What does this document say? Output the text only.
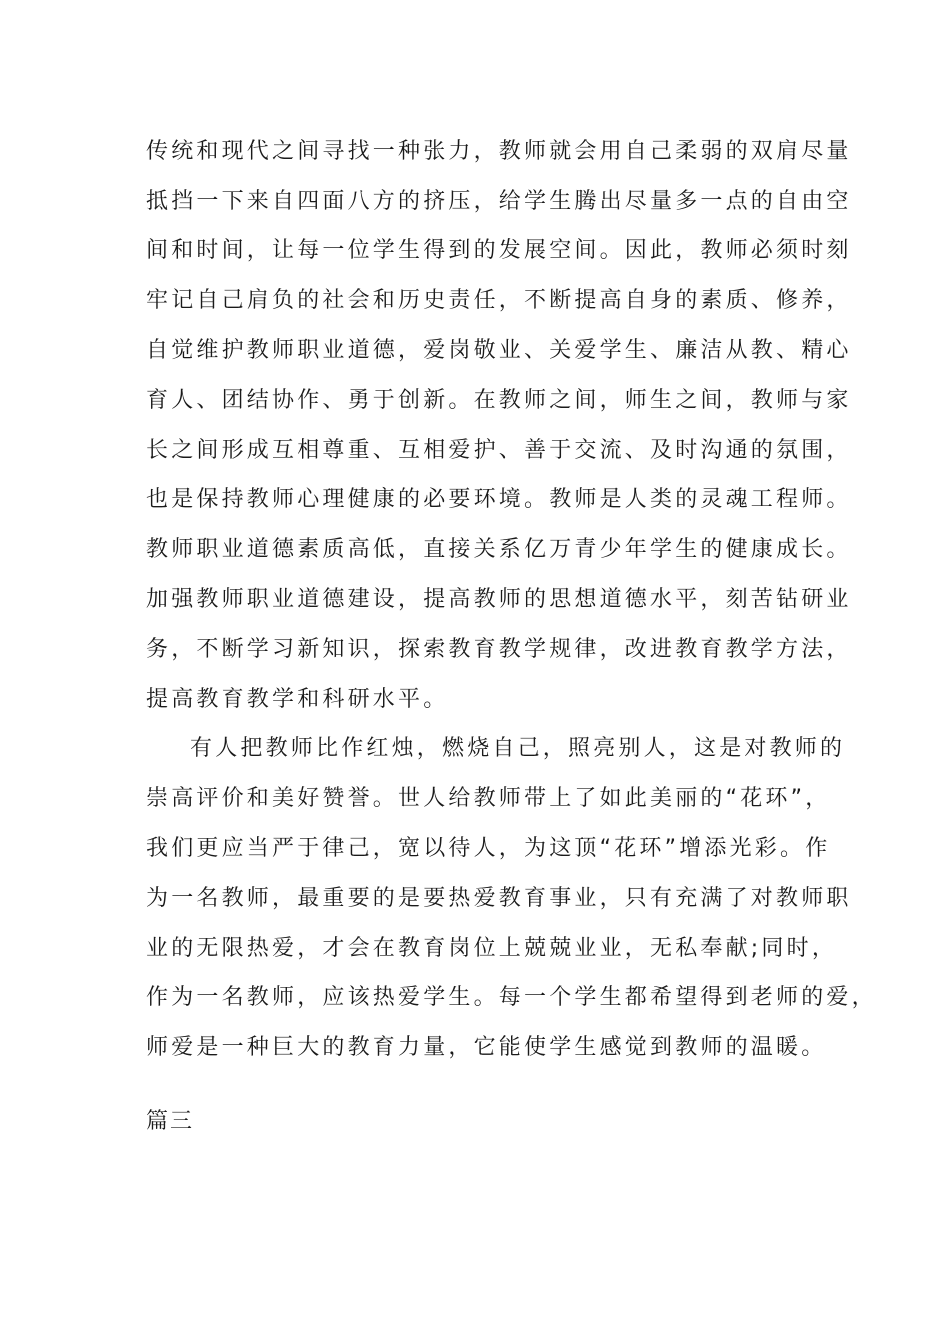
传统和现代之间寻找一种张力，教师就会用自己柔弱的双肩尽量
抵挡一下来自四面八方的挤压，给学生腾出尽量多一点的自由空
间和时间，让每一位学生得到的发展空间。因此，教师必须时刻
牢记自己肩负的社会和历史责任，不断提高自身的素质、修养，
自觉维护教师职业道德，爱岗敬业、关爱学生、廉洁从教、精心
育人、团结协作、勇于创新。在教师之间，师生之间，教师与家
长之间形成互相尊重、互相爱护、善于交流、及时沟通的氛围，
也是保持教师心理健康的必要环境。教师是人类的灵魂工程师。
教师职业道德素质高低，直接关系亿万青少年学生的健康成长。
加强教师职业道德建设，提高教师的思想道德水平，刻苦钻研业
务，不断学习新知识，探索教育教学规律，改进教育教学方法，
提高教育教学和科研水平。
有人把教师比作红烛，燃烧自己，照亮别人，这是对教师的
崇高评价和美好赞誉。世人给教师带上了如此美丽的“花环”，
我们更应当严于律己，宽以待人，为这顶“花环”增添光彩。作
为一名教师，最重要的是要热爱教育事业，只有充满了对教师职
业的无限热爱，才会在教育岗位上兢兢业业，无私奉献;同时，
作为一名教师，应该热爱学生。每一个学生都希望得到老师的爱，
师爱是一种巨大的教育力量，它能使学生感觉到教师的温暖。
篇三
